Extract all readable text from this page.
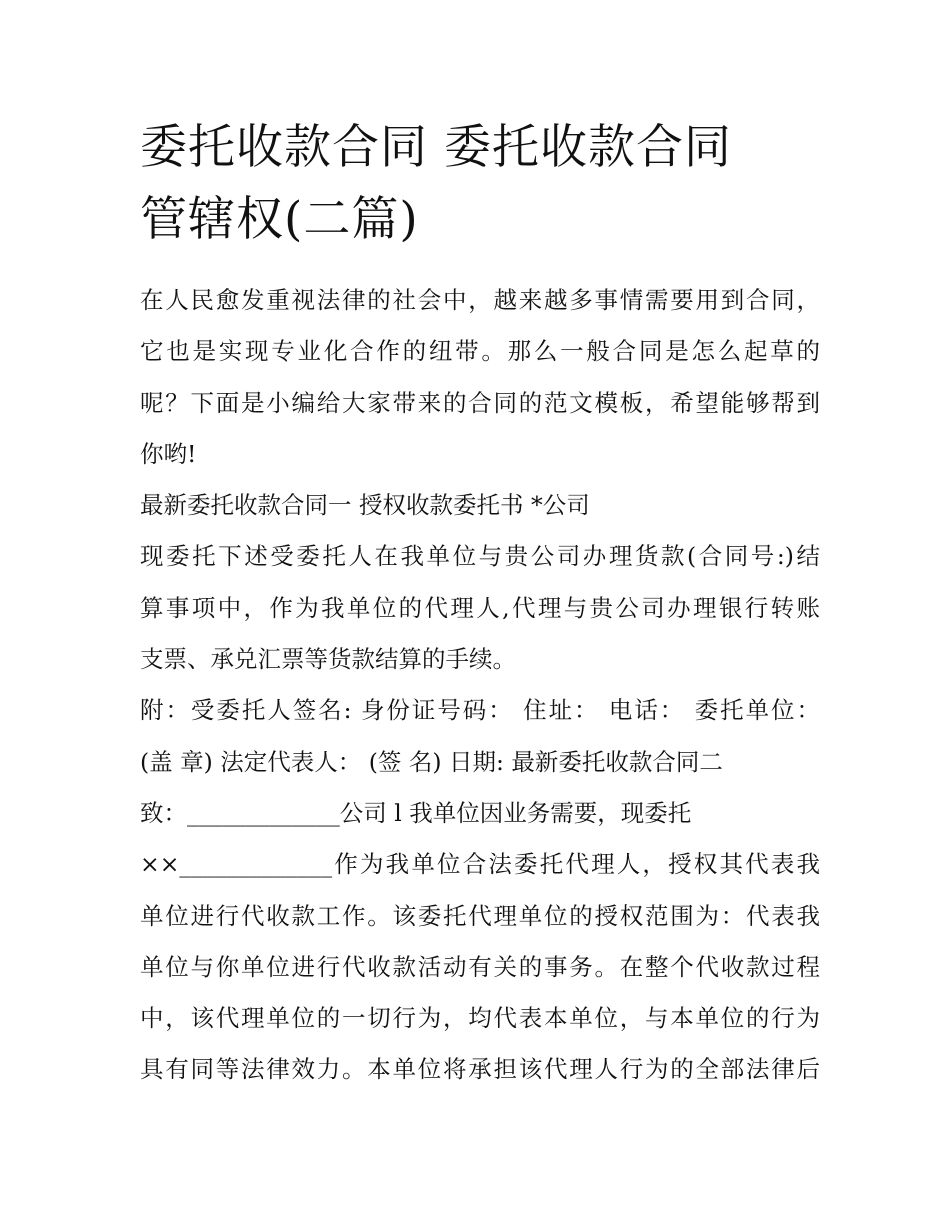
委托收款合同 委托收款合同
管辖权(二篇)
在人民愈发重视法律的社会中，越来越多事情需要用到合同，
它也是实现专业化合作的纽带。那么一般合同是怎么起草的
呢？下面是小编给大家带来的合同的范文模板，希望能够帮到
你哟!
最新委托收款合同一 授权收款委托书 *公司
现委托下述受委托人在我单位与贵公司办理货款(合同号:)结
算事项中，作为我单位的代理人,代理与贵公司办理银行转账
支票、承兑汇票等货款结算的手续。
附：受委托人签名: 身份证号码： 住址： 电话： 委托单位：
(盖 章) 法定代表人： (签 名) 日期: 最新委托收款合同二
致：_____________公司 l 我单位因业务需要，现委托
××_____________作为我单位合法委托代理人，授权其代表我
单位进行代收款工作。该委托代理单位的授权范围为：代表我
单位与你单位进行代收款活动有关的事务。在整个代收款过程
中，该代理单位的一切行为，均代表本单位，与本单位的行为
具有同等法律效力。本单位将承担该代理人行为的全部法律后
